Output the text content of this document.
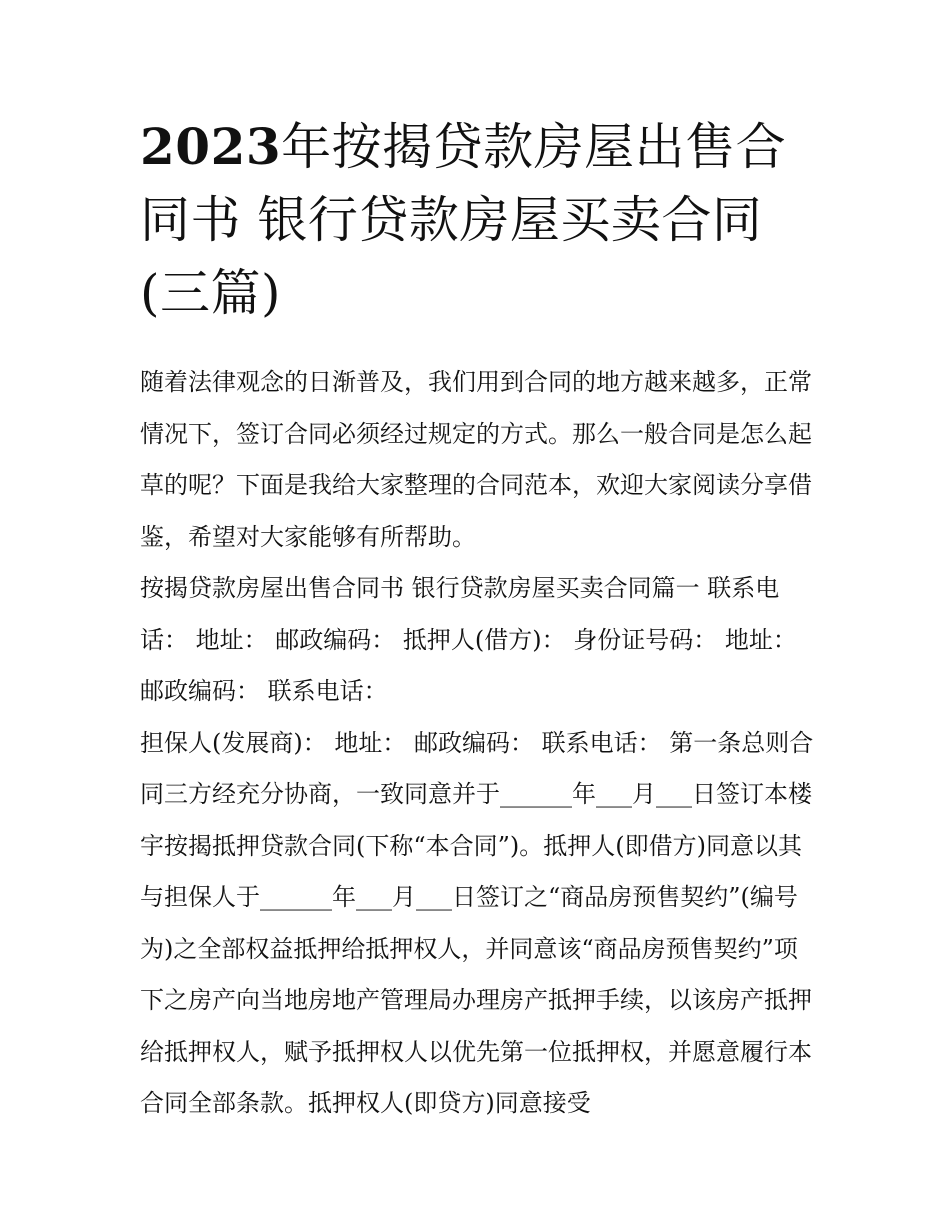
2023年按揭贷款房屋出售合同书 银行贷款房屋买卖合同(三篇)

随着法律观念的日渐普及，我们用到合同的地方越来越多，正常情况下，签订合同必须经过规定的方式。那么一般合同是怎么起草的呢？下面是我给大家整理的合同范本，欢迎大家阅读分享借鉴，希望对大家能够有所帮助。

按揭贷款房屋出售合同书 银行贷款房屋买卖合同篇一 联系电话： 地址： 邮政编码： 抵押人(借方)： 身份证号码： 地址： 邮政编码： 联系电话：

担保人(发展商)： 地址： 邮政编码： 联系电话： 第一条总则合同三方经充分协商，一致同意并于______年___月___日签订本楼宇按揭抵押贷款合同(下称“本合同”)。抵押人(即借方)同意以其与担保人于______年___月___日签订之“商品房预售契约”(编号为)之全部权益抵押给抵押权人，并同意该“商品房预售契约”项下之房产向当地房地产管理局办理房产抵押手续，以该房产抵押给抵押权人，赋予抵押权人以优先第一位抵押权，并愿意履行本合同全部条款。抵押权人(即贷方)同意接受
